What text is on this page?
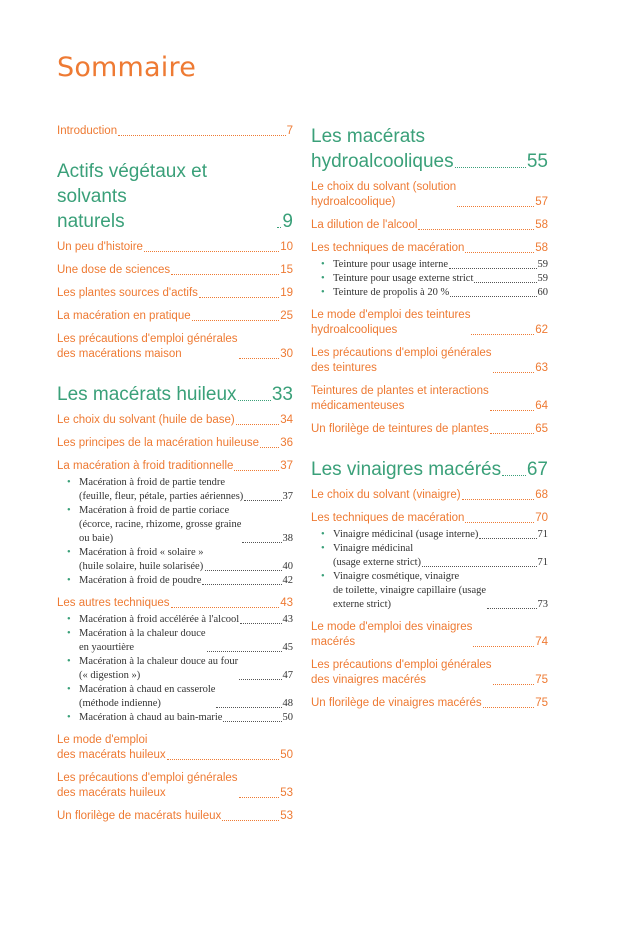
Sommaire
Introduction	7
Actifs végétaux et solvants
naturels	9
Un peu d'histoire	10
Une dose de sciences	15
Les plantes sources d'actifs	19
La macération en pratique	25
Les précautions d'emploi générales
des macérations maison	30
Les macérats huileux 33
Le choix du solvant (huile de base)	34
Les principes de la macération huileuse 36
La macération à froid traditionnelle	37
• Macération à froid de partie tendre
(feuille, fleur, pétale, parties aériennes)	37
• Macération à froid de partie coriace
(écorce, racine, rhizome, grosse graine
ou baie)	38
• Macération à froid « solaire »
(huile solaire, huile solarisée)	40
• Macération à froid de poudre	42
Les autres techniques	43
• Macération à froid accélérée à l'alcool	43
• Macération à la chaleur douce
en yaourtière	45
• Macération à la chaleur douce au four
(« digestion »)	47
• Macération à chaud en casserole
(méthode indienne)	48
• Macération à chaud au bain-marie	50
Le mode d'emploi
des macérats huileux	50
Les précautions d'emploi générales
des macérats huileux	53
Un florilège de macérats huileux	53
Les macérats
hydroalcooliques	55
Le choix du solvant (solution
hydroalcoolique)	57
La dilution de l'alcool	58
Les techniques de macération	58
• Teinture pour usage interne	59
• Teinture pour usage externe strict	59
• Teinture de propolis à 20 %	60
Le mode d'emploi des teintures
hydroalcooliques	62
Les précautions d'emploi générales
des teintures	63
Teintures de plantes et interactions
médicamenteuses	64
Un florilège de teintures de plantes	65
Les vinaigres macérés 67
Le choix du solvant (vinaigre)	68
Les techniques de macération	70
• Vinaigre médicinal (usage interne)	71
• Vinaigre médicinal
(usage externe strict)	71
• Vinaigre cosmétique, vinaigre
de toilette, vinaigre capillaire (usage
externe strict)	73
Le mode d'emploi des vinaigres
macérés	74
Les précautions d'emploi générales
des vinaigres macérés	75
Un florilège de vinaigres macérés	75
